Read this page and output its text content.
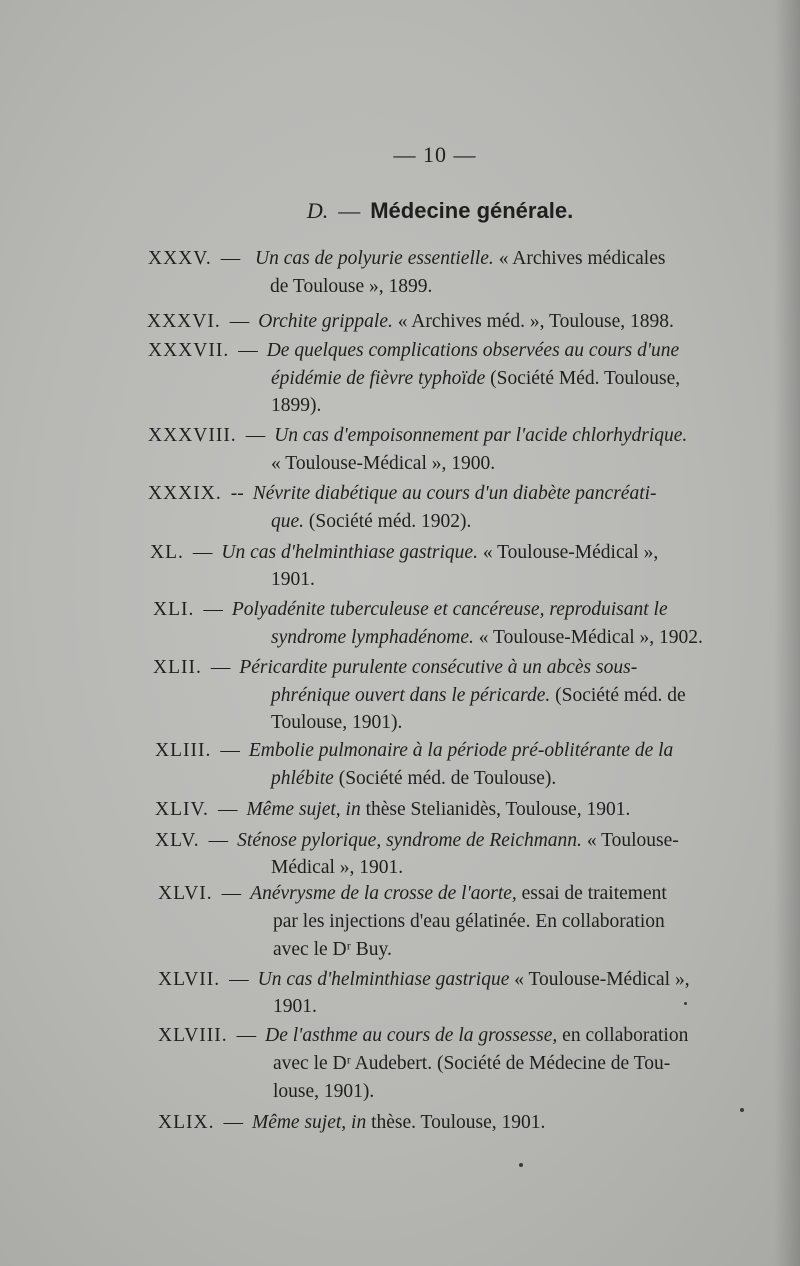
— 10 —
D. — Médecine générale.
XXXV. — Un cas de polyurie essentielle. « Archives médicales
de Toulouse », 1899.
XXXVI. — Orchite grippale. « Archives méd. », Toulouse, 1898.
XXXVII. — De quelques complications observées au cours d'une
épidémie de fièvre typhoïde (Société Méd. Toulouse,
1899).
XXXVIII. — Un cas d'empoisonnement par l'acide chlorhydrique.
« Toulouse-Médical », 1900.
XXXIX. -- Névrite diabétique au cours d'un diabète pancréati-
que. (Société méd. 1902).
XL. — Un cas d'helminthiase gastrique. « Toulouse-Médical »,
1901.
XLI. — Polyadénite tuberculeuse et cancéreuse, reproduisant le
syndrome lymphadénome. « Toulouse-Médical », 1902.
XLII. — Péricardite purulente consécutive à un abcès sous-
phrénique ouvert dans le péricarde. (Société méd. de
Toulouse, 1901).
XLIII. — Embolie pulmonaire à la période pré-oblitérante de la
phlébite (Société méd. de Toulouse).
XLIV. — Même sujet, in thèse Stelianidès, Toulouse, 1901.
XLV. — Sténose pylorique, syndrome de Reichmann. « Toulouse-
Médical », 1901.
XLVI. — Anévrysme de la crosse de l'aorte, essai de traitement
par les injections d'eau gélatinée. En collaboration
avec le Dʳ Buy.
XLVII. — Un cas d'helminthiase gastrique « Toulouse-Médical »,
1901.
XLVIII. — De l'asthme au cours de la grossesse, en collaboration
avec le Dʳ Audebert. (Société de Médecine de Tou-
louse, 1901).
XLIX. — Même sujet, in thèse. Toulouse, 1901.
